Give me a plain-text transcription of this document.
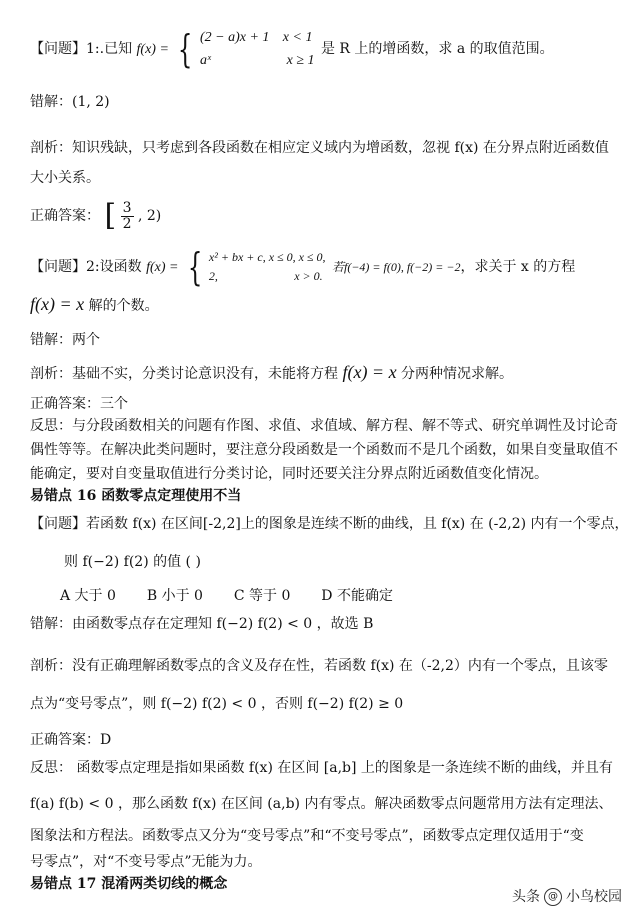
【问题】1:.已知 f(x) = { (2 − a)x + 1 x < 1
aˣ	x ≥ 1 是 R 上的增函数，求 a 的取值范围。
错解：(1, 2)
剖析：知识残缺，只考虑到各段函数在相应定义域内为增函数，忽视 f(x) 在分界点附近函数值
大小关系。
正确答案： [ $\frac{3}{2}$ , 2)
【问题】2:设函数 f(x) = { x² + bx + c, x ≤ 0, x ≤ 0,
2,	x > 0. 若f(−4) = f(0), f(−2) = −2，求关于 x 的方程
f(x) = x 解的个数。
错解：两个
剖析：基础不实，分类讨论意识没有，未能将方程 f(x) = x 分两种情况求解。
正确答案：三个
反思：与分段函数相关的问题有作图、求值、求值域、解方程、解不等式、研究单调性及讨论奇
偶性等等。在解决此类问题时，要注意分段函数是一个函数而不是几个函数，如果自变量取值不
能确定，要对自变量取值进行分类讨论，同时还要关注分界点附近函数值变化情况。
易错点 16 函数零点定理使用不当
【问题】若函数 f(x) 在区间[-2,2]上的图象是连续不断的曲线，且 f(x) 在 (-2,2) 内有一个零点，
则 f(−2) f(2) 的值 ( )
A 大于 0 B 小于 0 C 等于 0 D 不能确定
错解：由函数零点存在定理知 f(−2) f(2) < 0 ，故选 B
剖析：没有正确理解函数零点的含义及存在性，若函数 f(x) 在（-2,2）内有一个零点，且该零
点为“变号零点”，则 f(−2) f(2) < 0 ，否则 f(−2) f(2) ≥ 0
正确答案：D
反思： 函数零点定理是指如果函数 f(x) 在区间 [a,b] 上的图象是一条连续不断的曲线，并且有
f(a) f(b) < 0 ，那么函数 f(x) 在区间 (a,b) 内有零点。解决函数零点问题常用方法有定理法、
图象法和方程法。函数零点又分为“变号零点”和“不变号零点”，函数零点定理仅适用于“变
号零点”，对“不变号零点”无能为力。
易错点 17 混淆两类切线的概念
头条 @ 小鸟校园
